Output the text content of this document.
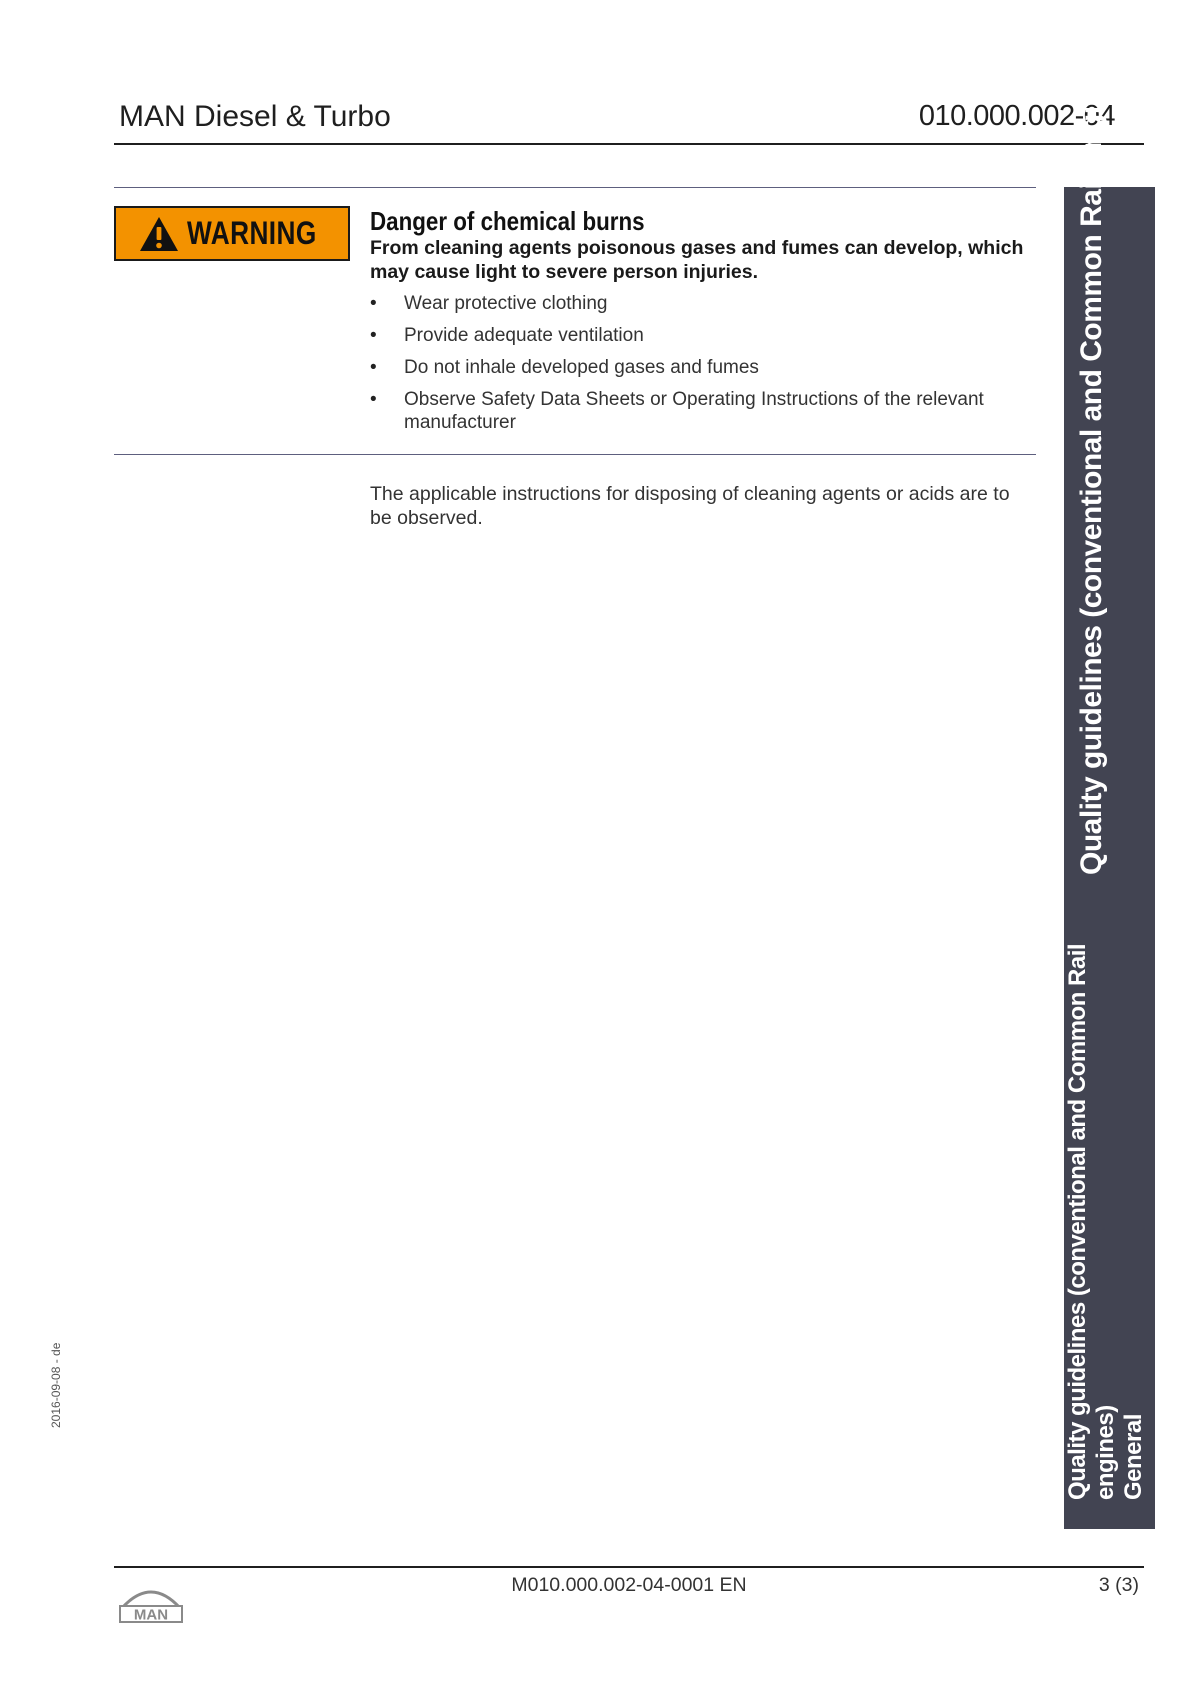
MAN Diesel & Turbo	010.000.002-04
WARNING Danger of chemical burns
From cleaning agents poisonous gases and fumes can develop, which may cause light to severe person injuries.
• Wear protective clothing
• Provide adequate ventilation
• Do not inhale developed gases and fumes
• Observe Safety Data Sheets or Operating Instructions of the relevant manufacturer
The applicable instructions for disposing of cleaning agents or acids are to be observed.	Quality guidelines (conventional and Common Rail engines)
Quality guidelines (conventional and Common Rail engines) General
2016-09-08 - de
M010.000.002-04-0001 EN	3 (3)
MAN
